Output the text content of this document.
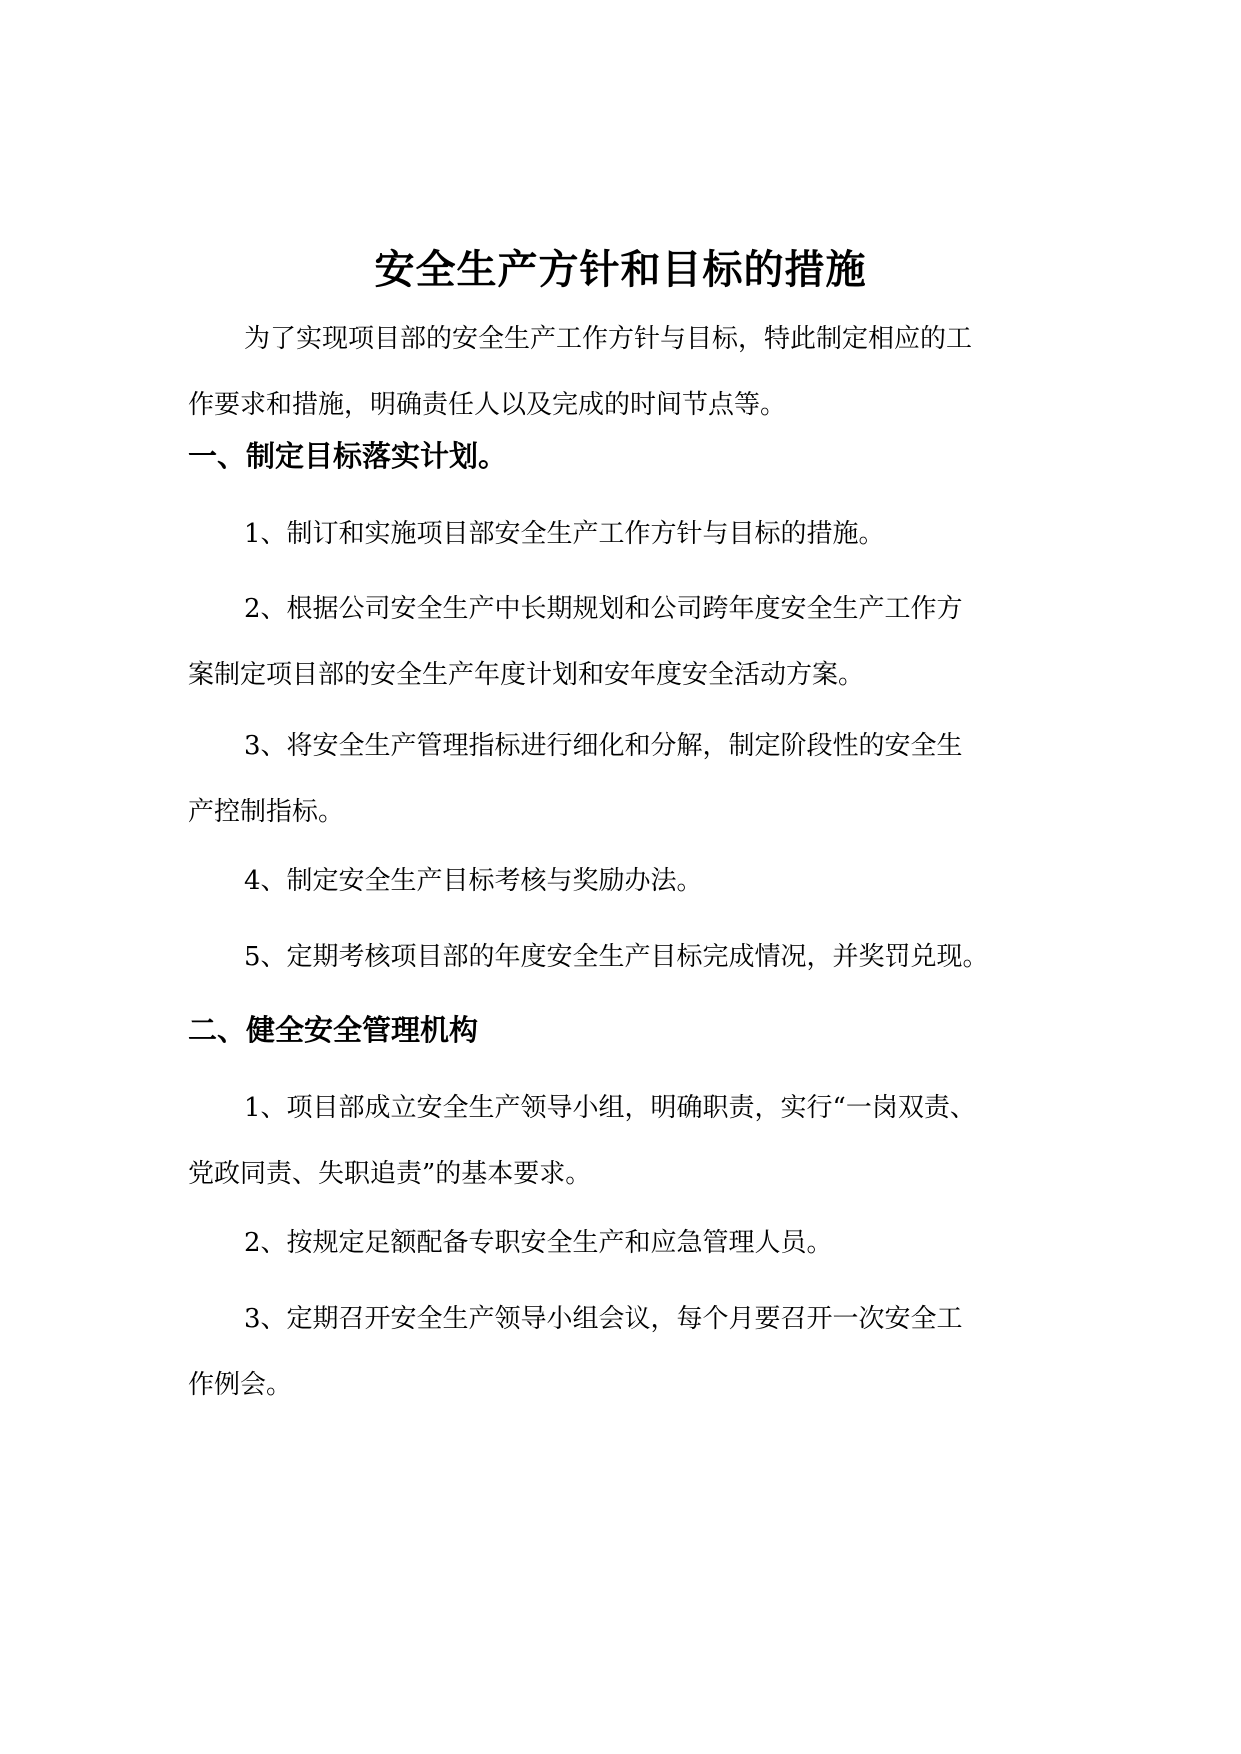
安全生产方针和目标的措施

为了实现项目部的安全生产工作方针与目标，特此制定相应的工
作要求和措施，明确责任人以及完成的时间节点等。

一、制定目标落实计划。

1、制订和实施项目部安全生产工作方针与目标的措施。

2、根据公司安全生产中长期规划和公司跨年度安全生产工作方
案制定项目部的安全生产年度计划和安年度安全活动方案。

3、将安全生产管理指标进行细化和分解，制定阶段性的安全生
产控制指标。

4、制定安全生产目标考核与奖励办法。

5、定期考核项目部的年度安全生产目标完成情况，并奖罚兑现。

二、健全安全管理机构

1、项目部成立安全生产领导小组，明确职责，实行“一岗双责、
党政同责、失职追责”的基本要求。

2、按规定足额配备专职安全生产和应急管理人员。

3、定期召开安全生产领导小组会议，每个月要召开一次安全工
作例会。
